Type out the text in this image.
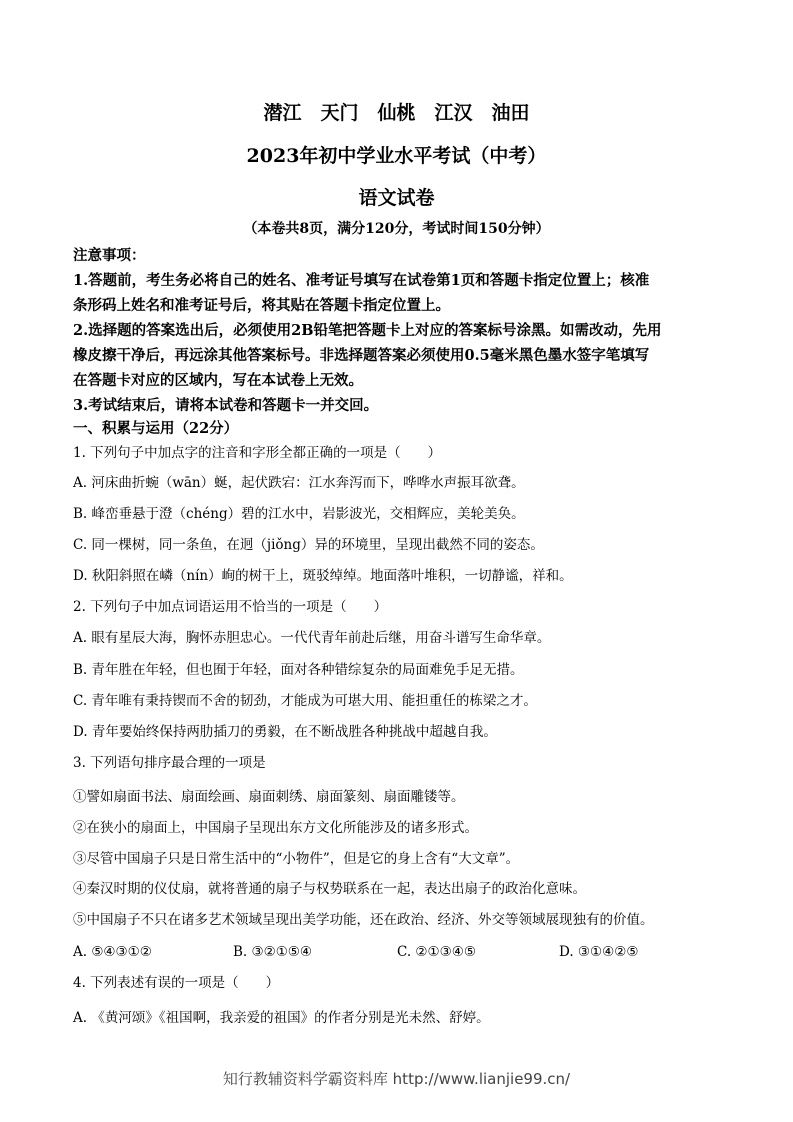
潜江　天门　仙桃　江汉　油田
2023年初中学业水平考试（中考）
语文试卷
（本卷共8页，满分120分，考试时间150分钟）
注意事项：
1.答题前，考生务必将自己的姓名、准考证号填写在试卷第1页和答题卡指定位置上；核准
条形码上姓名和准考证号后，将其贴在答题卡指定位置上。
2.选择题的答案选出后，必须使用2B铅笔把答题卡上对应的答案标号涂黑。如需改动，先用
橡皮擦干净后，再远涂其他答案标号。非选择题答案必须使用0.5毫米黑色墨水签字笔填写
在答题卡对应的区域内，写在本试卷上无效。
3.考试结束后，请将本试卷和答题卡一并交回。
一、积累与运用（22分）
1. 下列句子中加点字的注音和字形全都正确的一项是（　　）
A. 河床曲折蜿（wān）蜒，起伏跌宕：江水奔泻而下，哗哗水声振耳欲聋。
B. 峰峦垂悬于澄（chéng）碧的江水中，岩影波光，交相辉应，美轮美奂。
C. 同一棵树，同一条鱼，在迥（jiǒng）异的环境里，呈现出截然不同的姿态。
D. 秋阳斜照在嶙（nín）峋的树干上，斑驳绰绰。地面落叶堆积，一切静谧，祥和。
2. 下列句子中加点词语运用不恰当的一项是（　　）
A. 眼有星辰大海，胸怀赤胆忠心。一代代青年前赴后继，用奋斗谱写生命华章。
B. 青年胜在年轻，但也囿于年轻，面对各种错综复杂的局面难免手足无措。
C. 青年唯有秉持锲而不舍的韧劲，才能成为可堪大用、能担重任的栋梁之才。
D. 青年要始终保持两肋插刀的勇毅，在不断战胜各种挑战中超越自我。
3. 下列语句排序最合理的一项是
①譬如扇面书法、扇面绘画、扇面刺绣、扇面篆刻、扇面雕镂等。
②在狭小的扇面上，中国扇子呈现出东方文化所能涉及的诸多形式。
③尽管中国扇子只是日常生活中的“小物件”，但是它的身上含有“大文章”。
④秦汉时期的仪仗扇，就将普通的扇子与权势联系在一起，表达出扇子的政治化意味。
⑤中国扇子不只在诸多艺术领域呈现出美学功能，还在政治、经济、外交等领域展现独有的价值。
A. ⑤④③①②	B. ③②①⑤④	C. ②①③④⑤	D. ③①④②⑤
4. 下列表述有误的一项是（　　）
A. 《黄河颂》《祖国啊，我亲爱的祖国》的作者分别是光未然、舒婷。
知行教辅资料学霸资料库 http://www.lianjie99.cn/
